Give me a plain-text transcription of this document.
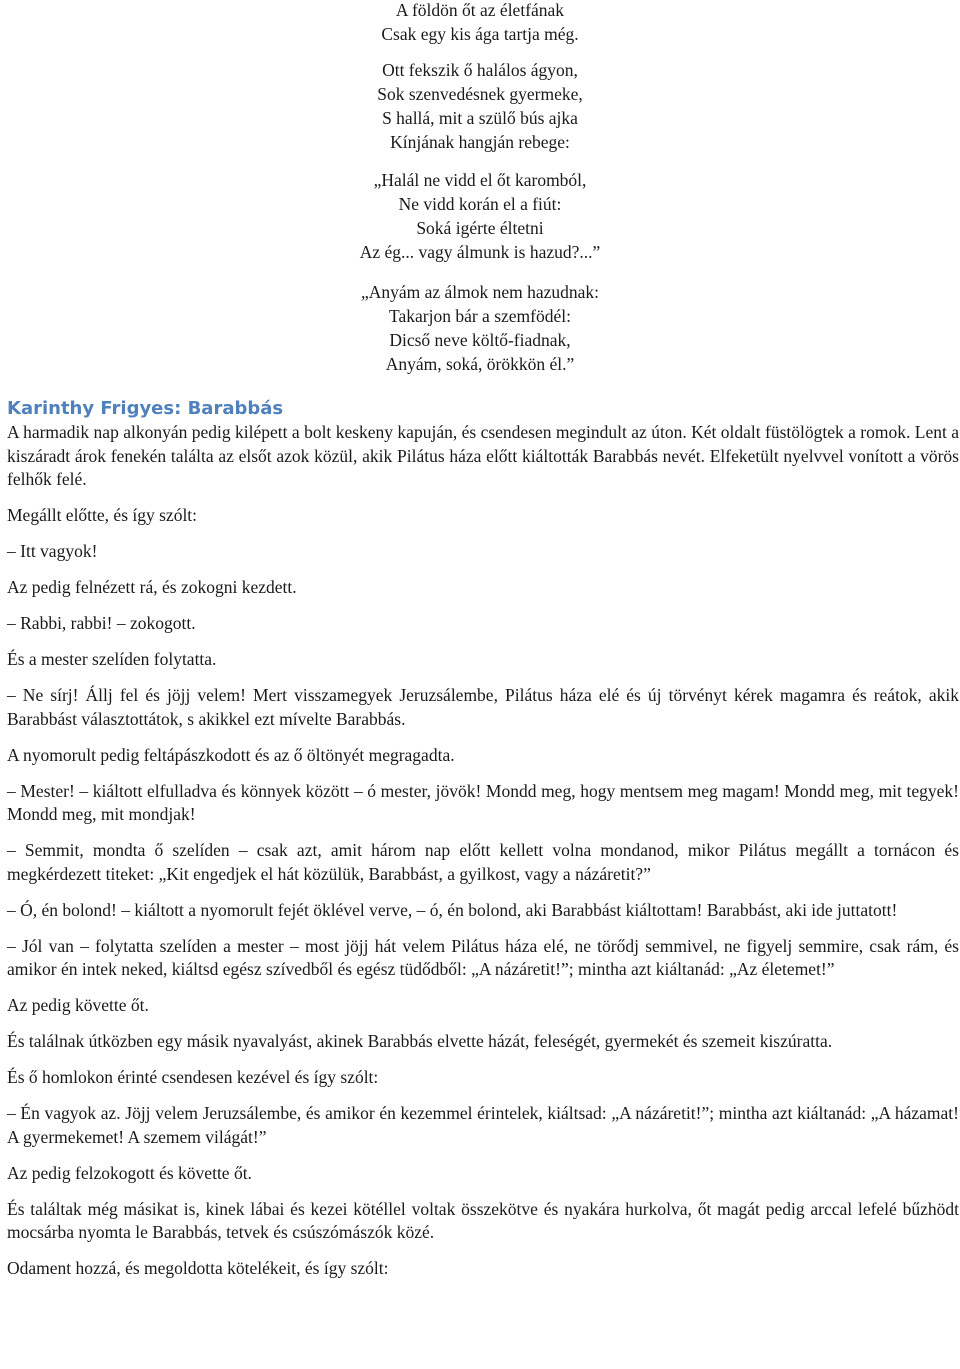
A földön őt az életfának
Csak egy kis ága tartja még.
Ott fekszik ő halálos ágyon,
Sok szenvedésnek gyermeke,
S hallá, mit a szülő bús ajka
Kínjának hangján rebege:
„Halál ne vidd el őt karomból,
Ne vidd korán el a fiút:
Soká igérte éltetni
Az ég... vagy álmunk is hazud?...”
„Anyám az álmok nem hazudnak:
Takarjon bár a szemfödél:
Dicső neve költő-fiadnak,
Anyám, soká, örökkön él.”
Karinthy Frigyes: Barabbás

A harmadik nap alkonyán pedig kilépett a bolt keskeny kapuján, és csendesen megindult az úton. Két oldalt füstölögtek a romok. Lent a kiszáradt árok fenekén találta az elsőt azok közül, akik Pilátus háza előtt kiáltották Barabbás nevét. Elfeketült nyelvvel vonított a vörös felhők felé.

Megállt előtte, és így szólt:

– Itt vagyok!

Az pedig felnézett rá, és zokogni kezdett.

– Rabbi, rabbi! – zokogott.

És a mester szelíden folytatta.

– Ne sírj! Állj fel és jöjj velem! Mert visszamegyek Jeruzsálembe, Pilátus háza elé és új törvényt kérek magamra és reátok, akik Barabbást választottátok, s akikkel ezt mívelte Barabbás.

A nyomorult pedig feltápászkodott és az ő öltönyét megragadta.

– Mester! – kiáltott elfulladva és könnyek között – ó mester, jövök! Mondd meg, hogy mentsem meg magam! Mondd meg, mit tegyek! Mondd meg, mit mondjak!

– Semmit, mondta ő szelíden – csak azt, amit három nap előtt kellett volna mondanod, mikor Pilátus megállt a tornácon és megkérdezett titeket: „Kit engedjek el hát közülük, Barabbást, a gyilkost, vagy a názáretit?”

– Ó, én bolond! – kiáltott a nyomorult fejét öklével verve, – ó, én bolond, aki Barabbást kiáltottam! Barabbást, aki ide juttatott!

– Jól van – folytatta szelíden a mester – most jöjj hát velem Pilátus háza elé, ne törődj semmivel, ne figyelj semmire, csak rám, és amikor én intek neked, kiáltsd egész szívedből és egész tüdődből: „A názáretit!”; mintha azt kiáltanád: „Az életemet!”

Az pedig követte őt.

És találnak útközben egy másik nyavalyást, akinek Barabbás elvette házát, feleségét, gyermekét és szemeit kiszúratta.

És ő homlokon érinté csendesen kezével és így szólt:

– Én vagyok az. Jöjj velem Jeruzsálembe, és amikor én kezemmel érintelek, kiáltsad: „A názáretit!”; mintha azt kiáltanád: „A házamat! A gyermekemet! A szemem világát!”

Az pedig felzokogott és követte őt.

És találtak még másikat is, kinek lábai és kezei kötéllel voltak összekötve és nyakára hurkolva, őt magát pedig arccal lefelé bűzhödt mocsárba nyomta le Barabbás, tetvek és csúszómászók közé.

Odament hozzá, és megoldotta kötelékeit, és így szólt:
